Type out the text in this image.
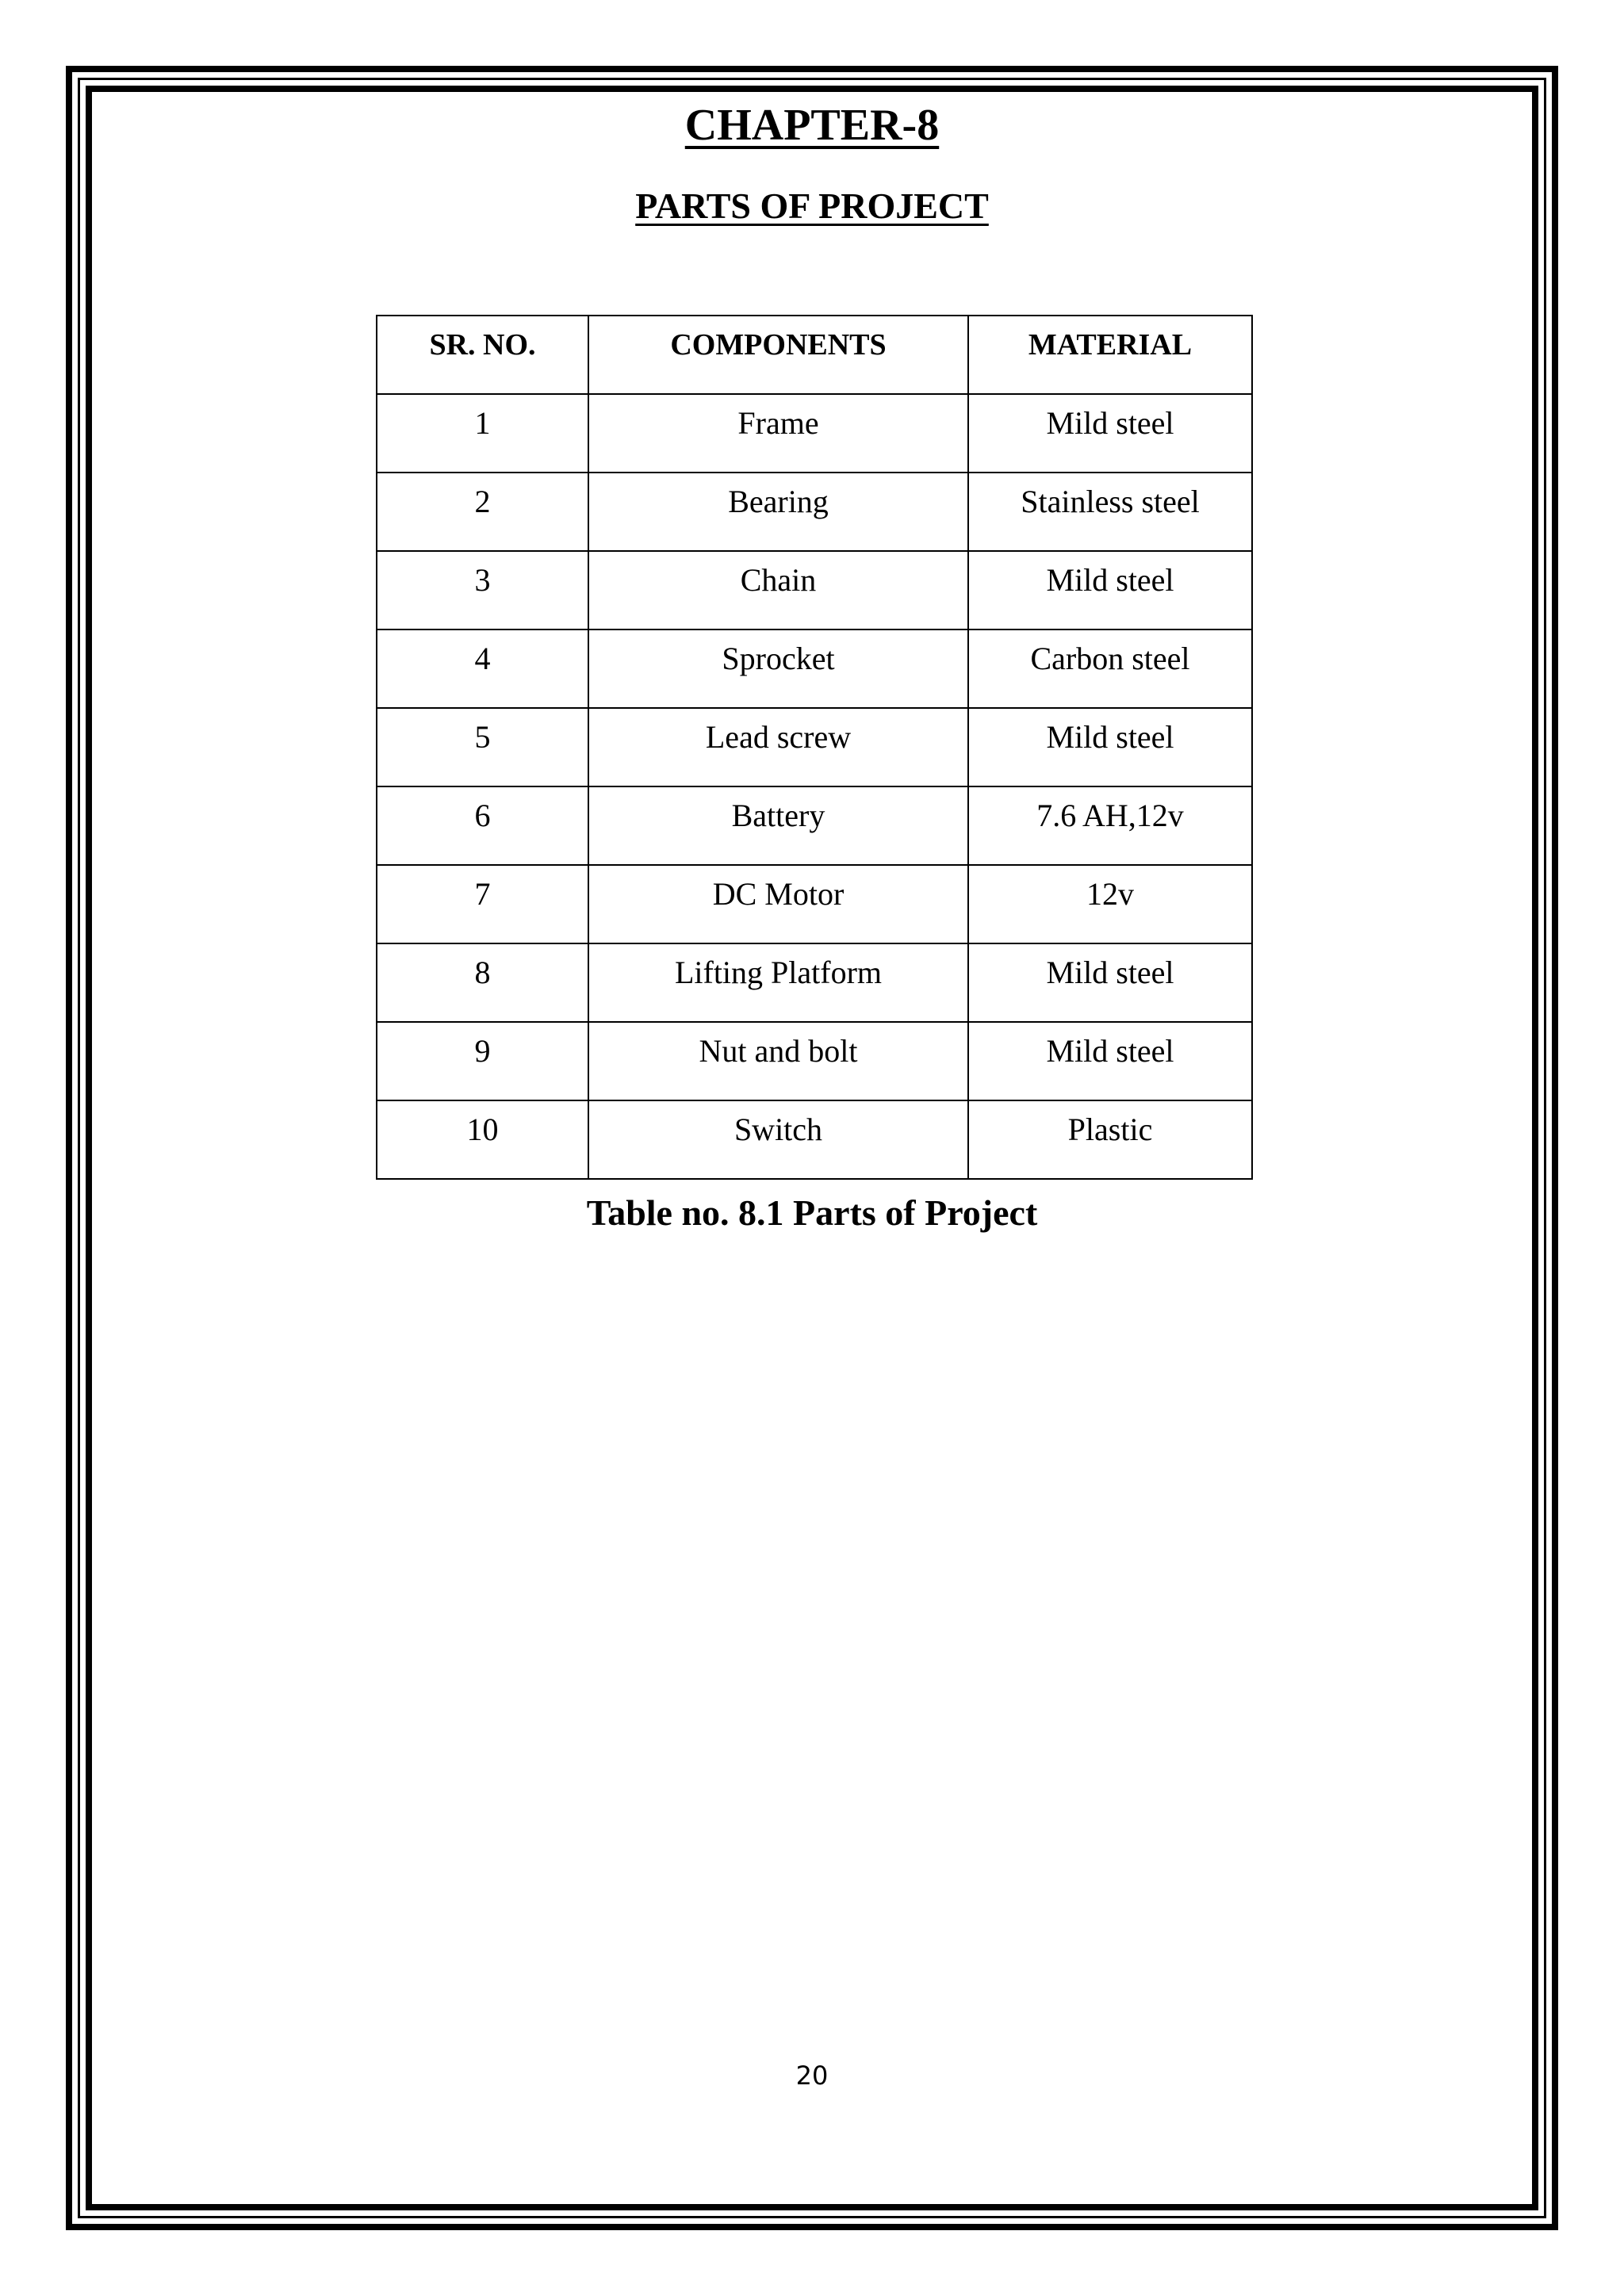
CHAPTER-8
PARTS OF PROJECT
SR. NO.	COMPONENTS	MATERIAL

1	Frame	Mild steel

2	Bearing	Stainless steel

3	Chain	Mild steel

4	Sprocket	Carbon steel

5	Lead screw	Mild steel

6	Battery	7.6 AH,12v

7	DC Motor	12v

8	Lifting Platform	Mild steel

9	Nut and bolt	Mild steel

10	Switch	Plastic
Table no. 8.1 Parts of Project
20
